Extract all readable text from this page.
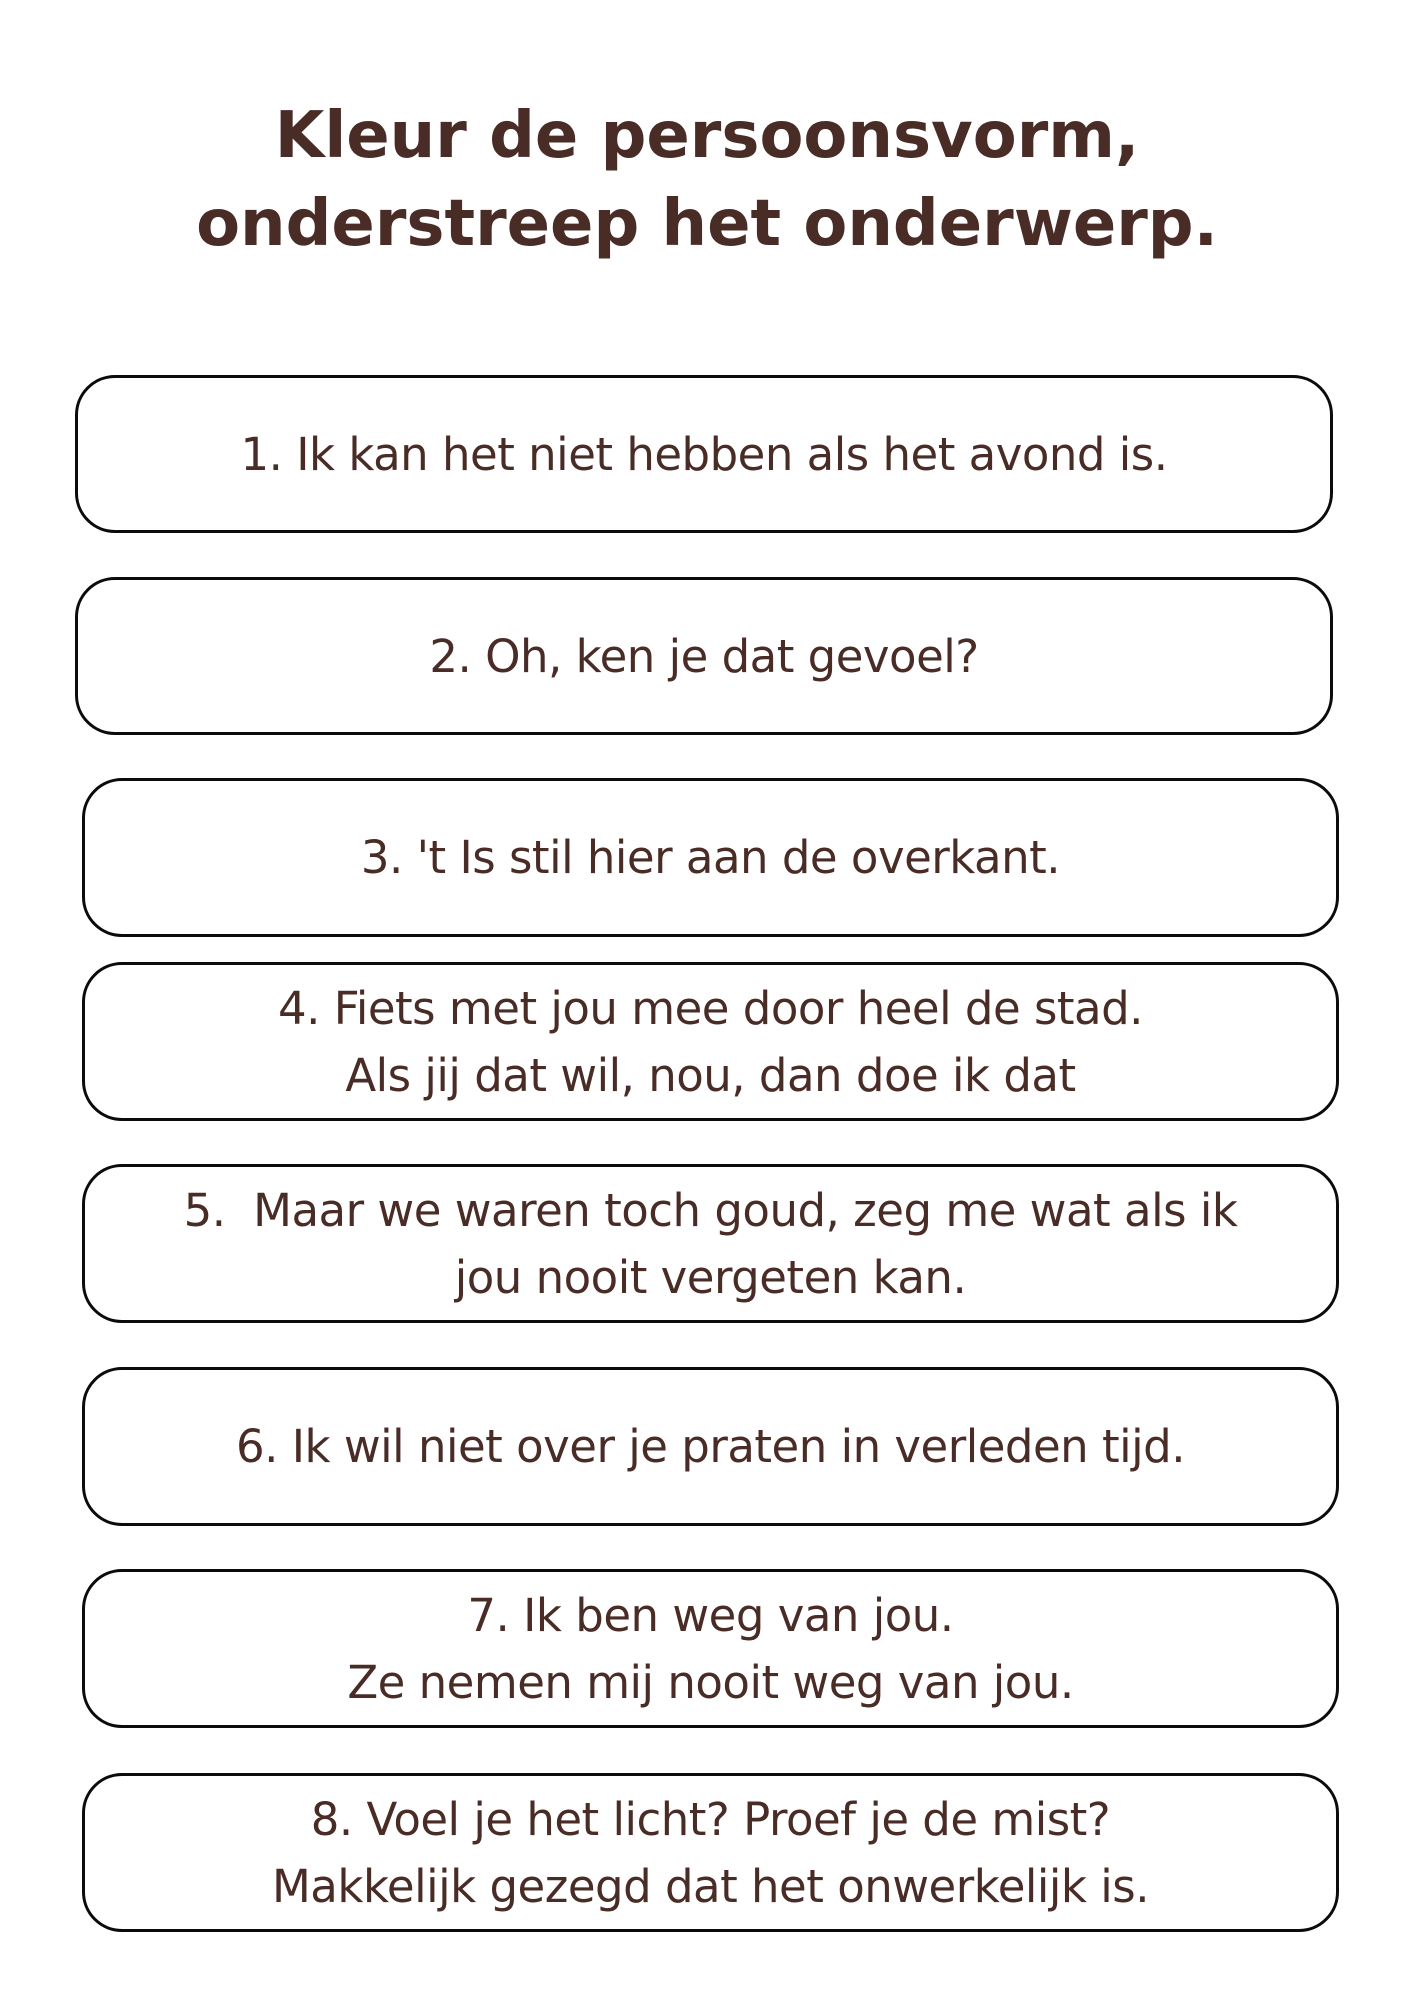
Kleur de persoonsvorm,
onderstreep het onderwerp.
1. Ik kan het niet hebben als het avond is.
2. Oh, ken je dat gevoel?
3. 't Is stil hier aan de overkant.
4. Fiets met jou mee door heel de stad.
Als jij dat wil, nou, dan doe ik dat
5.  Maar we waren toch goud, zeg me wat als ik
jou nooit vergeten kan.
6. Ik wil niet over je praten in verleden tijd.
7. Ik ben weg van jou.
Ze nemen mij nooit weg van jou.
8. Voel je het licht? Proef je de mist?
Makkelijk gezegd dat het onwerkelijk is.
